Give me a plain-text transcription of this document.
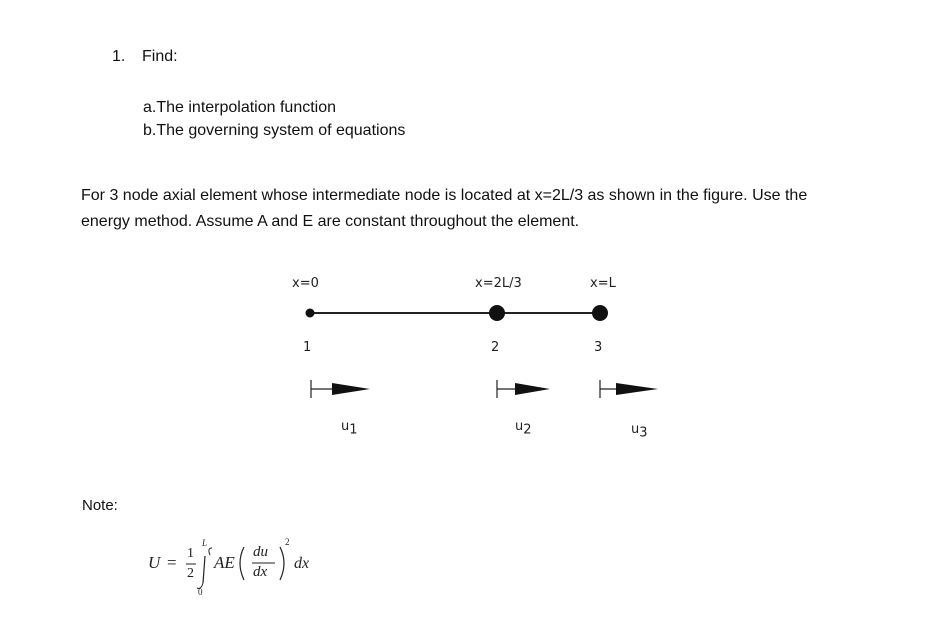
1. Find:
a.The interpolation function
b.The governing system of equations
For 3 node axial element whose intermediate node is located at x=2L/3 as shown in the figure. Use the
energy method. Assume A and E are constant throughout the element.
x=0	x=2L/3	x=L
1	2	3
$u_1$	$u_2$	$u_3$
Note:
U = 1
2
L
0
AE
du
dx
2
dx
